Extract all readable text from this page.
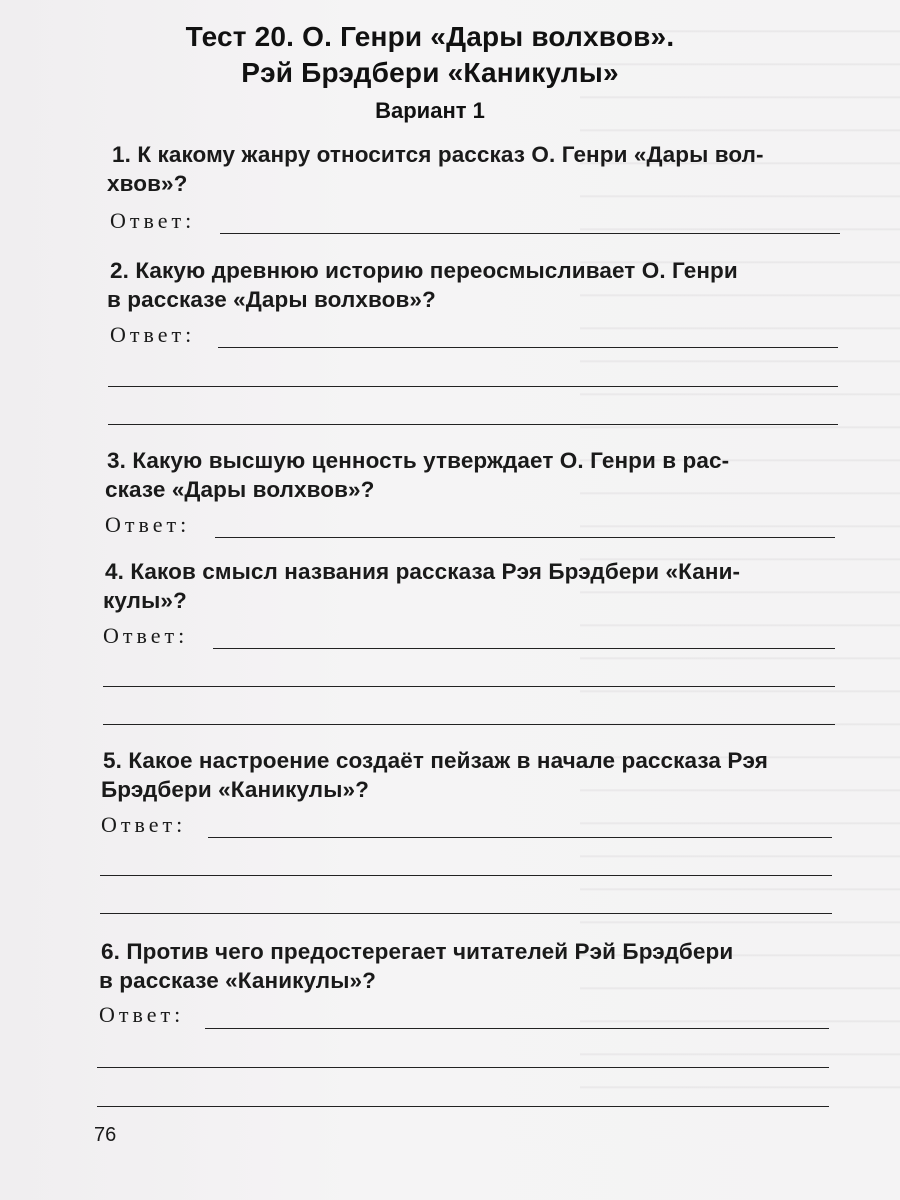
Тест 20. О. Генри «Дары волхвов».
Рэй Брэдбери «Каникулы»
Вариант 1
1. К какому жанру относится рассказ О. Генри «Дары вол-
хвов»?
Ответ:
2. Какую древнюю историю переосмысливает О. Генри
в рассказе «Дары волхвов»?
Ответ:
3. Какую высшую ценность утверждает О. Генри в рас-
сказе «Дары волхвов»?
Ответ:
4. Каков смысл названия рассказа Рэя Брэдбери «Кани-
кулы»?
Ответ:
5. Какое настроение создаёт пейзаж в начале рассказа Рэя
Брэдбери «Каникулы»?
Ответ:
6. Против чего предостерегает читателей Рэй Брэдбери
в рассказе «Каникулы»?
Ответ:
76
